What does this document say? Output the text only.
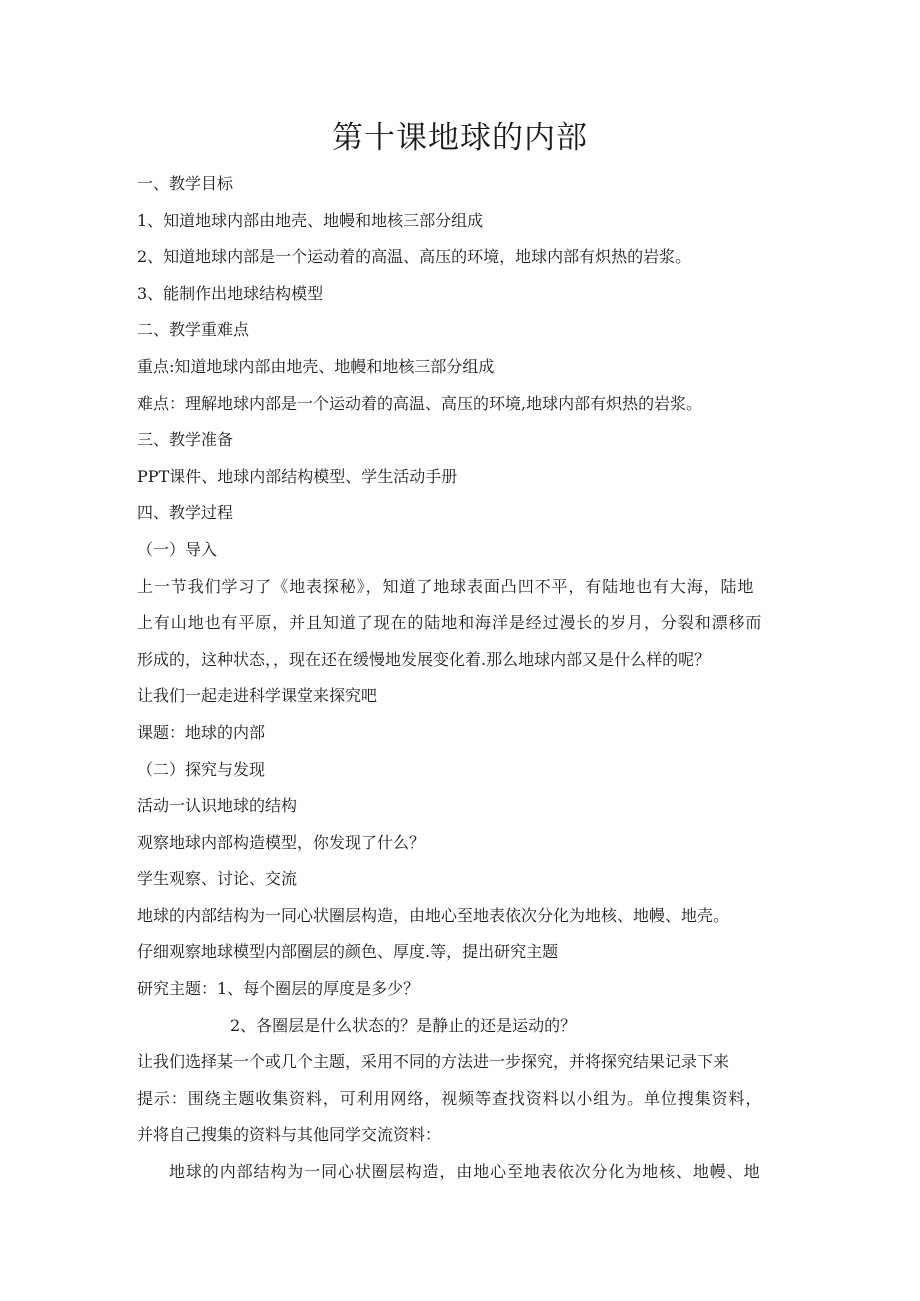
第十课地球的内部
一、教学目标
1、知道地球内部由地壳、地幔和地核三部分组成
2、知道地球内部是一个运动着的高温、高压的环境，地球内部有炽热的岩浆。
3、能制作出地球结构模型
二、教学重难点
重点:知道地球内部由地壳、地幔和地核三部分组成
难点：理解地球内部是一个运动着的高温、高压的环境,地球内部有炽热的岩浆。
三、教学准备
PPT课件、地球内部结构模型、学生活动手册
四、教学过程
（一）导入
上一节我们学习了《地表探秘》，知道了地球表面凸凹不平，有陆地也有大海，陆地
上有山地也有平原，并且知道了现在的陆地和海洋是经过漫长的岁月，分裂和漂移而
形成的，这种状态，，现在还在缓慢地发展变化着.那么地球内部又是什么样的呢？
让我们一起走进科学课堂来探究吧
课题：地球的内部
（二）探究与发现
活动一认识地球的结构
观察地球内部构造模型，你发现了什么？
学生观察、讨论、交流
地球的内部结构为一同心状圈层构造，由地心至地表依次分化为地核、地幔、地壳。
仔细观察地球模型内部圈层的颜色、厚度.等，提出研究主题
研究主题：1、每个圈层的厚度是多少？
2、各圈层是什么状态的？是静止的还是运动的？
让我们选择某一个或几个主题，采用不同的方法进一步探究，并将探究结果记录下来
提示：围绕主题收集资料，可利用网络，视频等查找资料以小组为。单位搜集资料，
并将自己搜集的资料与其他同学交流资料：
地球的内部结构为一同心状圈层构造，由地心至地表依次分化为地核、地幔、地
